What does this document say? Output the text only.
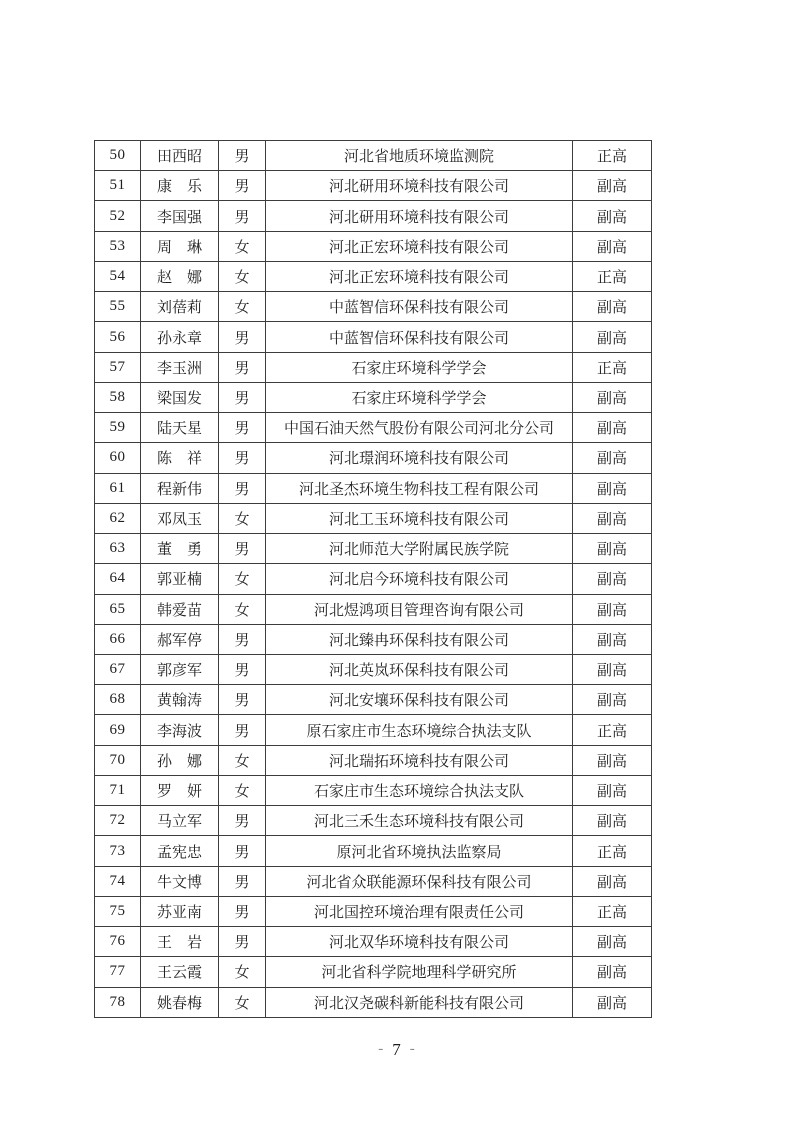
50	田西昭	男	河北省地质环境监测院	正高
51	康　乐	男	河北研用环境科技有限公司	副高
52	李国强	男	河北研用环境科技有限公司	副高
53	周　琳	女	河北正宏环境科技有限公司	副高
54	赵　娜	女	河北正宏环境科技有限公司	正高
55	刘蓓莉	女	中蓝智信环保科技有限公司	副高
56	孙永章	男	中蓝智信环保科技有限公司	副高
57	李玉洲	男	石家庄环境科学学会	正高
58	梁国发	男	石家庄环境科学学会	副高
59	陆天星	男	中国石油天然气股份有限公司河北分公司	副高
60	陈　祥	男	河北璟润环境科技有限公司	副高
61	程新伟	男	河北圣杰环境生物科技工程有限公司	副高
62	邓凤玉	女	河北工玉环境科技有限公司	副高
63	董　勇	男	河北师范大学附属民族学院	副高
64	郭亚楠	女	河北启今环境科技有限公司	副高
65	韩爱苗	女	河北煜鸿项目管理咨询有限公司	副高
66	郝军停	男	河北臻冉环保科技有限公司	副高
67	郭彦军	男	河北英岚环保科技有限公司	副高
68	黄翰涛	男	河北安壤环保科技有限公司	副高
69	李海波	男	原石家庄市生态环境综合执法支队	正高
70	孙　娜	女	河北瑞拓环境科技有限公司	副高
71	罗　妍	女	石家庄市生态环境综合执法支队	副高
72	马立军	男	河北三禾生态环境科技有限公司	副高
73	孟宪忠	男	原河北省环境执法监察局	正高
74	牛文博	男	河北省众联能源环保科技有限公司	副高
75	苏亚南	男	河北国控环境治理有限责任公司	正高
76	王　岩	男	河北双华环境科技有限公司	副高
77	王云霞	女	河北省科学院地理科学研究所	副高
78	姚春梅	女	河北汉尧碳科新能科技有限公司	副高
- 7 -
